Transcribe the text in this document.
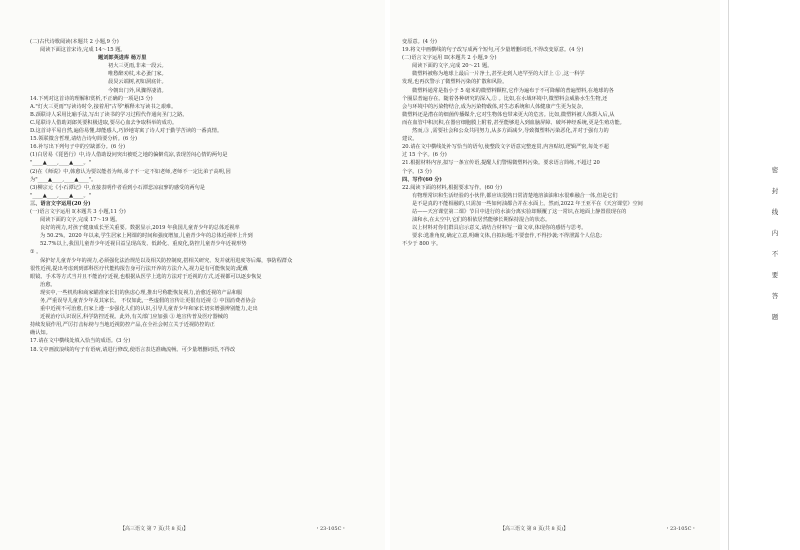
(二)古代诗歌阅读(本题共 2 小题,9 分)
阅读下面这首宋诗,完成 14～15 题。
题刘郎英进库 杨万里
初大三更雨,非来一段云。
唯愁醉劝杖,未必蚤门家。
晨炅云端树,初如洞底针。
今朝出门外,风骤得凄清。
14.下列对这首诗的理解和赏析,不正确的一项是(3 分)
A."灯火三更雨"写读诗时令,接着用"古琴"解释未写读书之艰难。
B.颈联诗人采用比喻手法,写出了读书的学习过程代作通向圣门之路。
C.尾联诗人借助刘郎英要积极进取,要尽心血去争取科举的成功。
D.这首诗平易自然,遍俗易懂,却能感人,巧妙地寄寓了诗人对于勤学苦读的一番真情。
15.领联微含哲理,请结合诗句简要分析。(6 分)
16.补写出下列句子中的空缺部分。(6 分)
(1)白居易《琵琶行》中,诗人借助设问突出被贬之地的偏僻荒凉,表现苦闷心情的两句是
"____▲____,____▲____。"
(2)在《师说》中,韩愈认为要以能者为师,弟子不一定不如老师,老师不一定比弟子高明,因
为"____▲____,____▲____"。
(3)柳宗元《小石潭记》中,直接表明作者看到小石潭悲凉寂寥的感受的两句是
"____▲____,____▲____。"
三、语言文字运用(20 分)
(一)语言文字运用 I(本题共 3 小题,11 分)
阅读下面的文字,完成 17～19 题。
良好的视力,对孩子健康成长至关重要。数据显示,2019 年我国儿童青少年的总体近视率
为 50.2%。2020 年以来,学生居家上网课的时间和强度增加,儿童青少年的总体近视率上升到
52.7%以上,我国儿童青少年近视目益呈现高发、低龄化、重度化,防控儿童青少年近视形势
① 。
保护好儿童青少年的视力,必须强化法治规范以及相关防控制度,搭相关研究、发并就用进度等后爆，事防程群众
很性近视,提出考虑到到部科医疗代能构报告身可行法开养的方法介入,视力是有可能恢复的;配戴
眼镜、手术等方式当并且不能治疗近视,也根据从医学上选的方法对于近视的方式,近视都可以逐步恢复
治愈。
现实中,一些机构和商家瞄准家长们的焦虑心理,推出号称能恢复视力,治愈近视的产品和服
务,严重误导儿童青少年及其家长。 不仅如此,一些虚假的宣传让更很有近视 ② 中国消费者协会
重中近视不可治愈,自家上遵一步强化人们的认识,引导儿童青少年和家长切实增强辨别能力,走出
近视治疗认识误区,科学防控近视。此外,有关部门应加强 ③ 地宣传普及医疗器械的
持续发展作用,严厉打击标榜与当地近视防控产品,在全社会树立关于近视防控的正
确认知。
17.请在文中横线处填入恰当的成语。(3 分)
18.文中画波浪线的句子有语病,请进行修改,使语言表达准确流畅。可少量增删词语,不得改
【高三语文 第 7 页(共 8 页)】	・23-105C・
变原意。(4 分)
19.将文中画横线的句子改写成两个短句,可少量增删词语,不得改变原意。(4 分)
(二)语言文字运用 II(本题共 2 小题,9 分)
阅读下面的文字,完成 20～21 题。
微塑料被称为地球上最后一片净土,甚至走到人迹罕至的大洋上 ① ,这一科学
发现,也再次警示了微塑料污染的扩散和风险。
微塑料通常是指小于 5 毫米的微塑料颗粒,它作为遍布于不可降解的普遍塑料,在地球的各
个圈层普遍存在。随着各种研究的深入,② 。比如,在水域环境中,微塑料会威胁水生生物,还
会与环境中的污染物结合,成为污染物载体,对生态系统和人体健康产生更为复杂,
微塑料还是潜在的细菌传播媒介,它对生物体也带来更大的危害。比如,微塑料被人体摄入后,从
而在血管中积沉积,在器官细胞膜上附着,甚至能够进入到血脑屏障、破坏神经系统,更是生殖功能。
然而,③ ,需要社会和公众共同努力,从多方面减少,导致微塑料污染恶化,并对于强有力的
建议。
20.请在文中横线处补写恰当的语句,使整段文字语意完整连贯,内容贴切,逻辑严密,每处不超
过 15 个字。(6 分)
21.根据材料内容,拟写一条宣传语,提醒人们警惕微塑料污染。要求语言简练,不超过 20
个字。(3 分)
四、写作(60 分)
22.阅读下面的材料,根据要求写作。(60 分)
有物理常识和生活经验的小伙伴,都应该很熟日常清楚地溶油油和水很难融合一体,但是它们
是不是真的不能相融的,只需加一些如何油都合并在水面上。然而,2022 年王亚平在《天宫课堂》空间
站——天宫课堂第二课》节目中进行的水油分离实验却颠覆了这一常识,在地面上静置很现在的
油和水,在太空中,它们的相依居然能够长期保持混合的状态。
以上材料对你们群具启示意义,请结合材料写一篇文章,体现你的感悟与思考。
要求:选准角度,确定立意,明确文体,自拟标题;不要套作,不得抄袭;不得泄露个人信息;
不少于 800 字。
【高三语文 第 8 页(共 8 页)】	・23-105C・
密
封
线
内
不
要
答
题
